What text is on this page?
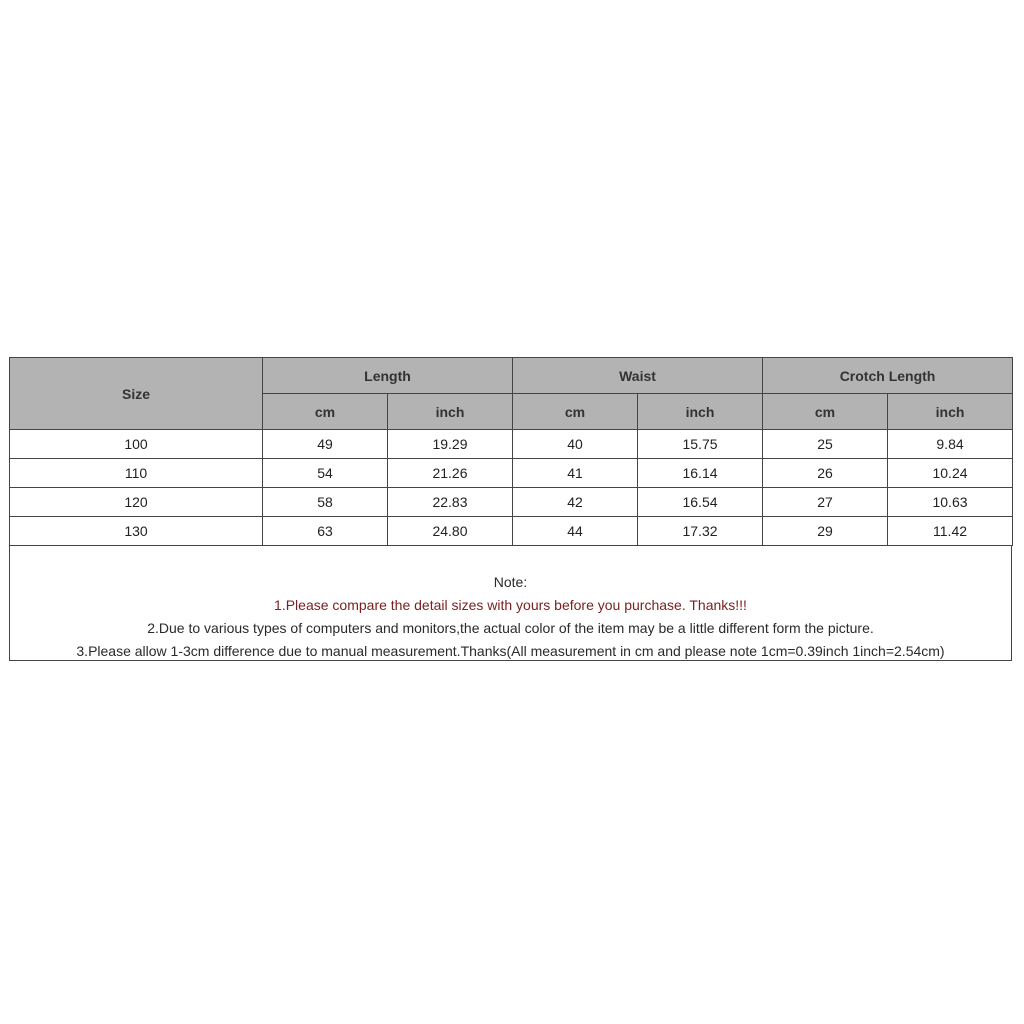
Size	Length		Waist		Crotch Length	
	cm	inch	cm	inch	cm	inch
100	49	19.29	40	15.75	25	9.84
110	54	21.26	41	16.14	26	10.24
120	58	22.83	42	16.54	27	10.63
130	63	24.80	44	17.32	29	11.42
Note:
1.Please compare the detail sizes with yours before you purchase. Thanks!!!
2.Due to various types of computers and monitors,the actual color of the item may be a little different form the picture.
3.Please allow 1-3cm difference due to manual measurement.Thanks(All measurement in cm and please note 1cm=0.39inch 1inch=2.54cm)
